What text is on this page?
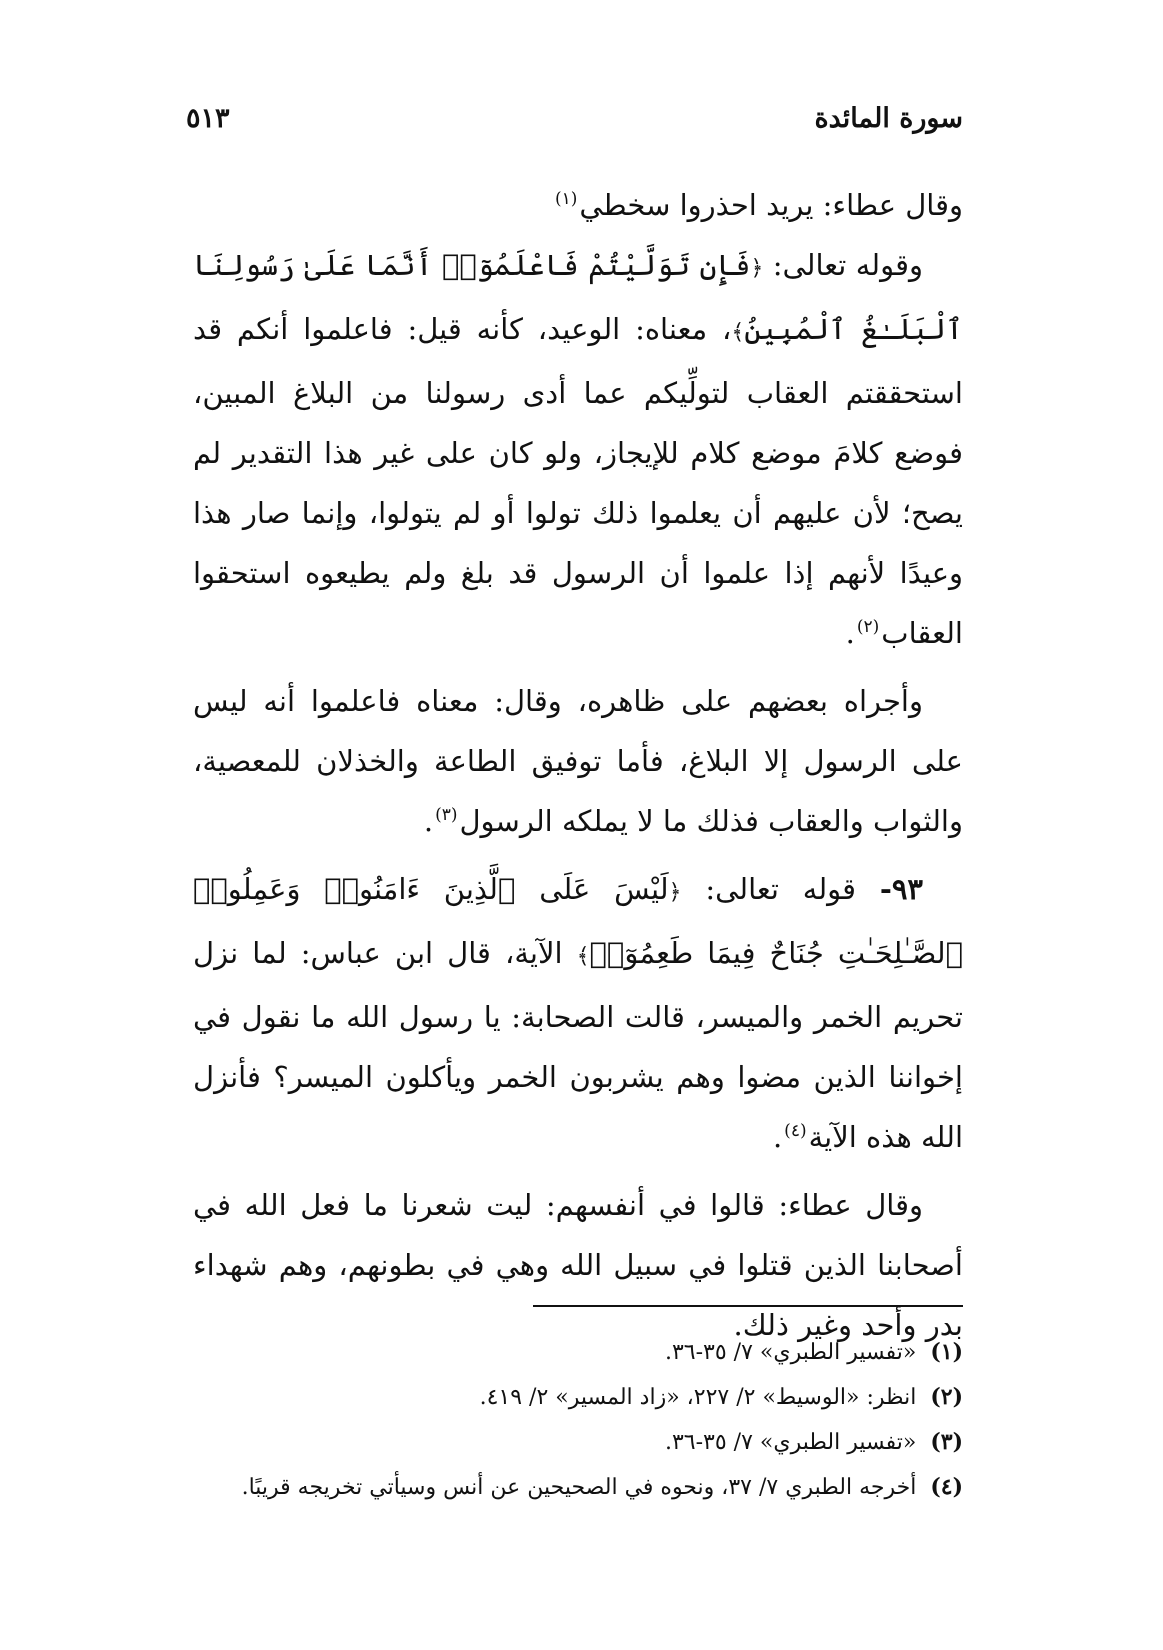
سورة المائدة
٥١٣

وقال عطاء: يريد احذروا سخطي$^{(١)}$

وقوله تعالى: ﴿فَإِن تَوَلَّيْتُمْ فَاعْلَمُوٓا۟ أَنَّمَا عَلَىٰ رَسُولِنَا ٱلْبَلَـٰغُ ٱلْمُبِينُ﴾، معناه: الوعيد، كأنه قيل: فاعلموا أنكم قد استحققتم العقاب لتولِّيكم عما أدى رسولنا من البلاغ المبين، فوضع كلامَ موضع كلام للإيجاز، ولو كان على غير هذا التقدير لم يصح؛ لأن عليهم أن يعلموا ذلك تولوا أو لم يتولوا، وإنما صار هذا وعيدًا لأنهم إذا علموا أن الرسول قد بلغ ولم يطيعوه استحقوا العقاب$^{(٢)}$.

وأجراه بعضهم على ظاهره، وقال: معناه فاعلموا أنه ليس على الرسول إلا البلاغ، فأما توفيق الطاعة والخذلان للمعصية، والثواب والعقاب فذلك ما لا يملكه الرسول$^{(٣)}$.

٩٣- قوله تعالى: ﴿لَيْسَ عَلَى ٱلَّذِينَ ءَامَنُوا۟ وَعَمِلُوا۟ ٱلصَّـٰلِحَـٰتِ جُنَاحٌ فِيمَا طَعِمُوٓا۟﴾ الآية، قال ابن عباس: لما نزل تحريم الخمر والميسر، قالت الصحابة: يا رسول الله ما نقول في إخواننا الذين مضوا وهم يشربون الخمر ويأكلون الميسر؟ فأنزل الله هذه الآية$^{(٤)}$.

وقال عطاء: قالوا في أنفسهم: ليت شعرنا ما فعل الله في أصحابنا الذين قتلوا في سبيل الله وهي في بطونهم، وهم شهداء بدر وأحد وغير ذلك.

(١)
«تفسير الطبري» ٧/ ٣٥-٣٦.
(٢)
انظر: «الوسيط» ٢/ ٢٢٧، «زاد المسير» ٢/ ٤١٩.
(٣)
«تفسير الطبري» ٧/ ٣٥-٣٦.
(٤)
أخرجه الطبري ٧/ ٣٧، ونحوه في الصحيحين عن أنس وسيأتي تخريجه قريبًا.
